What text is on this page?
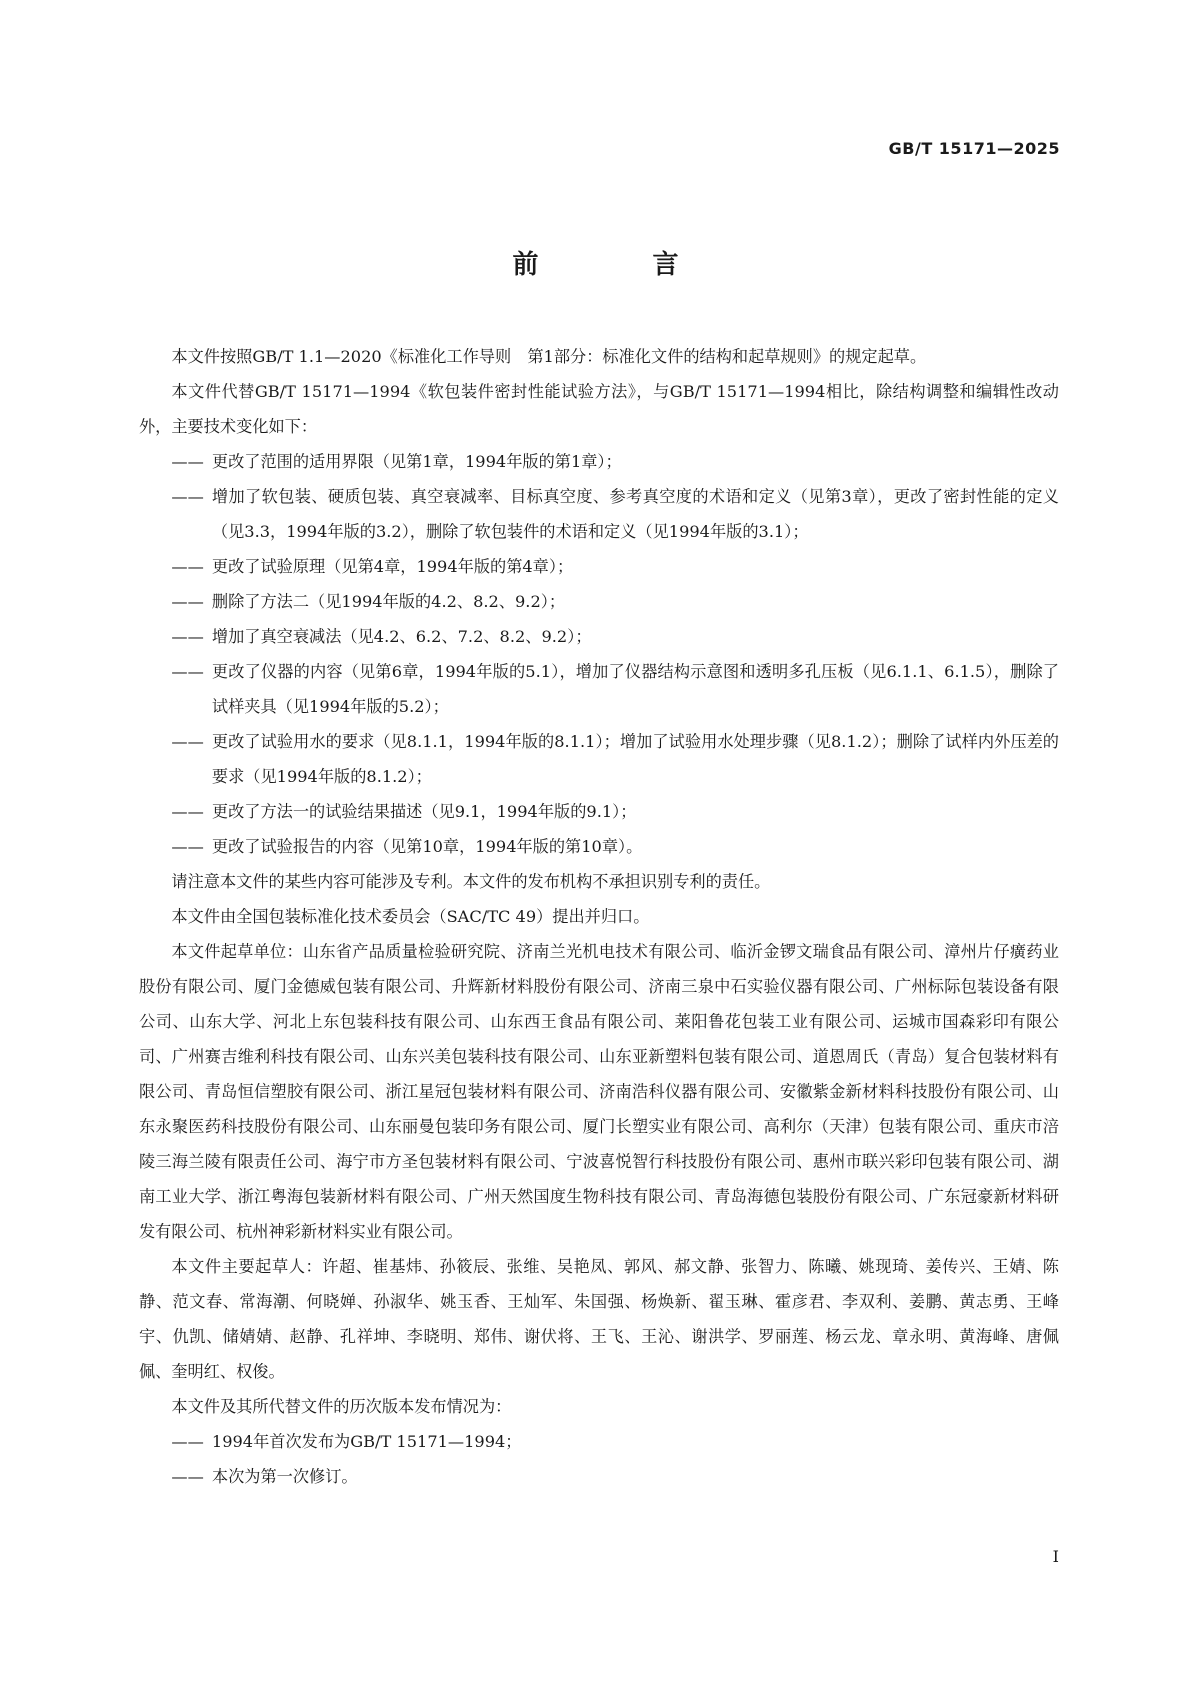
GB/T 15171—2025
前　言

本文件按照GB/T 1.1—2020《标准化工作导则　第1部分：标准化文件的结构和起草规则》的规定起草。

本文件代替GB/T 15171—1994《软包装件密封性能试验方法》，与GB/T 15171—1994相比，除结构调整和编辑性改动外，主要技术变化如下：

—— 更改了范围的适用界限（见第1章，1994年版的第1章）；
—— 增加了软包装、硬质包装、真空衰减率、目标真空度、参考真空度的术语和定义（见第3章），更改了密封性能的定义（见3.3，1994年版的3.2），删除了软包装件的术语和定义（见1994年版的3.1）；
—— 更改了试验原理（见第4章，1994年版的第4章）；
—— 删除了方法二（见1994年版的4.2、8.2、9.2）；
—— 增加了真空衰减法（见4.2、6.2、7.2、8.2、9.2）；
—— 更改了仪器的内容（见第6章，1994年版的5.1），增加了仪器结构示意图和透明多孔压板（见6.1.1、6.1.5），删除了试样夹具（见1994年版的5.2）；
—— 更改了试验用水的要求（见8.1.1，1994年版的8.1.1）；增加了试验用水处理步骤（见8.1.2）；删除了试样内外压差的要求（见1994年版的8.1.2）；
—— 更改了方法一的试验结果描述（见9.1，1994年版的9.1）；
—— 更改了试验报告的内容（见第10章，1994年版的第10章）。

请注意本文件的某些内容可能涉及专利。本文件的发布机构不承担识别专利的责任。

本文件由全国包装标准化技术委员会（SAC/TC 49）提出并归口。

本文件起草单位：山东省产品质量检验研究院、济南兰光机电技术有限公司、临沂金锣文瑞食品有限公司、漳州片仔癀药业股份有限公司、厦门金德威包装有限公司、升辉新材料股份有限公司、济南三泉中石实验仪器有限公司、广州标际包装设备有限公司、山东大学、河北上东包装科技有限公司、山东西王食品有限公司、莱阳鲁花包装工业有限公司、运城市国森彩印有限公司、广州赛吉维利科技有限公司、山东兴美包装科技有限公司、山东亚新塑料包装有限公司、道恩周氏（青岛）复合包装材料有限公司、青岛恒信塑胶有限公司、浙江星冠包装材料有限公司、济南浩科仪器有限公司、安徽紫金新材料科技股份有限公司、山东永聚医药科技股份有限公司、山东丽曼包装印务有限公司、厦门长塑实业有限公司、高利尔（天津）包装有限公司、重庆市涪陵三海兰陵有限责任公司、海宁市方圣包装材料有限公司、宁波喜悦智行科技股份有限公司、惠州市联兴彩印包装有限公司、湖南工业大学、浙江粤海包装新材料有限公司、广州天然国度生物科技有限公司、青岛海德包装股份有限公司、广东冠豪新材料研发有限公司、杭州神彩新材料实业有限公司。

本文件主要起草人：许超、崔基炜、孙筱辰、张维、吴艳凤、郭风、郝文静、张智力、陈曦、姚现琦、姜传兴、王婧、陈静、范文春、常海潮、何晓婵、孙淑华、姚玉香、王灿军、朱国强、杨焕新、翟玉琳、霍彦君、李双利、姜鹏、黄志勇、王峰宇、仇凯、储婧婧、赵静、孔祥坤、李晓明、郑伟、谢伏将、王飞、王沁、谢洪学、罗丽莲、杨云龙、章永明、黄海峰、唐佩佩、奎明红、权俊。

本文件及其所代替文件的历次版本发布情况为：

—— 1994年首次发布为GB/T 15171—1994；
—— 本次为第一次修订。
I
